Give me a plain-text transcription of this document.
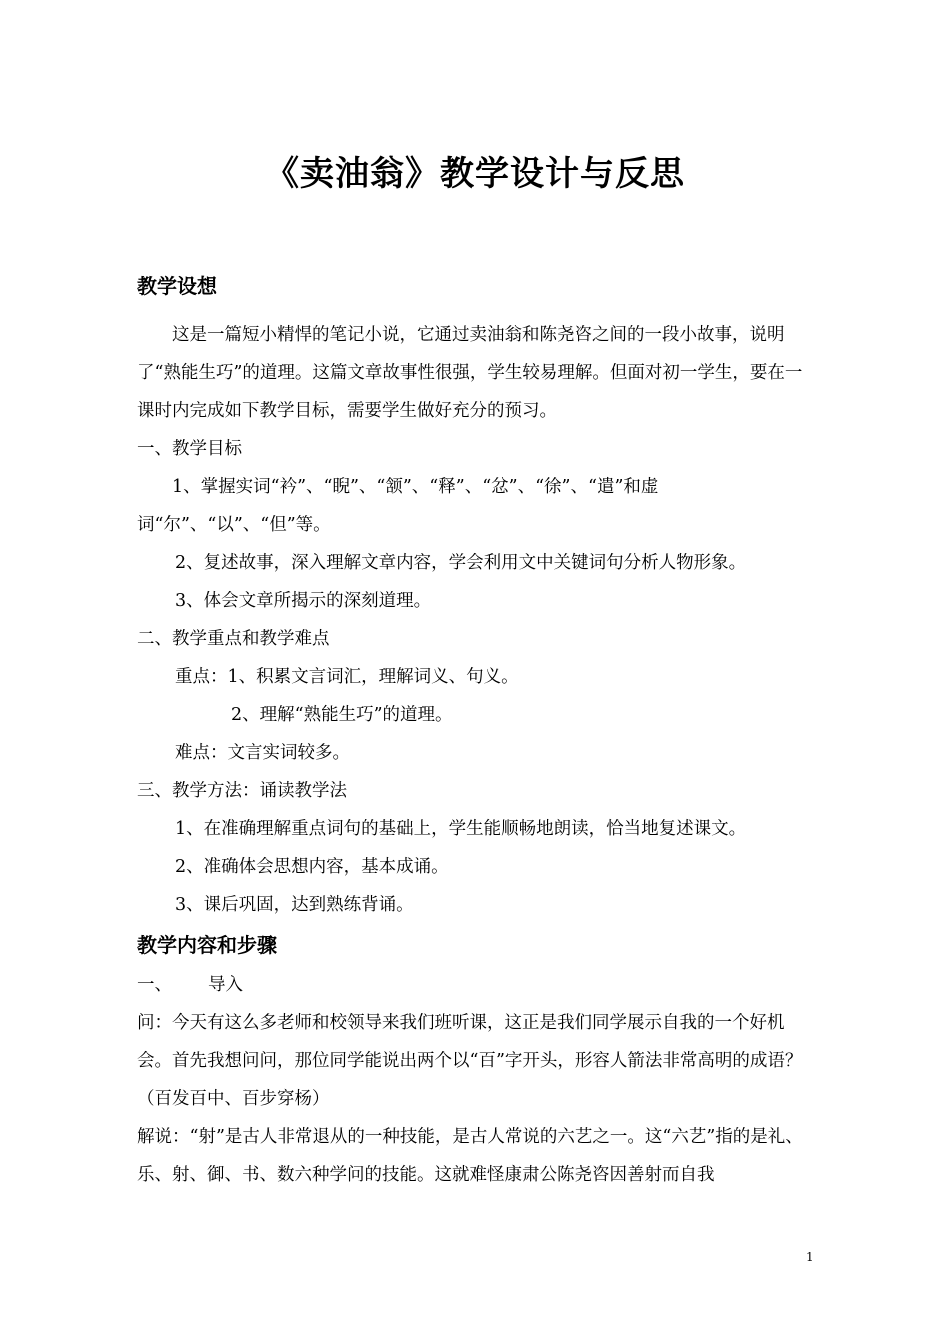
《卖油翁》教学设计与反思
教学设想

这是一篇短小精悍的笔记小说，它通过卖油翁和陈尧咨之间的一段小故事，说明了“熟能生巧”的道理。这篇文章故事性很强，学生较易理解。但面对初一学生，要在一课时内完成如下教学目标，需要学生做好充分的预习。

一、教学目标

1、掌握实词“衿”、“睨”、“颔”、“释”、“忿”、“徐”、“遣”和虚词“尔”、“以”、“但”等。

2、复述故事，深入理解文章内容，学会利用文中关键词句分析人物形象。

3、体会文章所揭示的深刻道理。

二、教学重点和教学难点

重点：1、积累文言词汇，理解词义、句义。

2、理解“熟能生巧”的道理。

难点：文言实词较多。

三、教学方法：诵读教学法

1、在准确理解重点词句的基础上，学生能顺畅地朗读，恰当地复述课文。

2、准确体会思想内容，基本成诵。

3、课后巩固，达到熟练背诵。

教学内容和步骤

一、 导入

问：今天有这么多老师和校领导来我们班听课，这正是我们同学展示自我的一个好机会。首先我想问问，那位同学能说出两个以“百”字开头，形容人箭法非常高明的成语？（百发百中、百步穿杨）

解说：“射”是古人非常退从的一种技能，是古人常说的六艺之一。这“六艺”指的是礼、乐、射、御、书、数六种学问的技能。这就难怪康肃公陈尧咨因善射而自我

1
